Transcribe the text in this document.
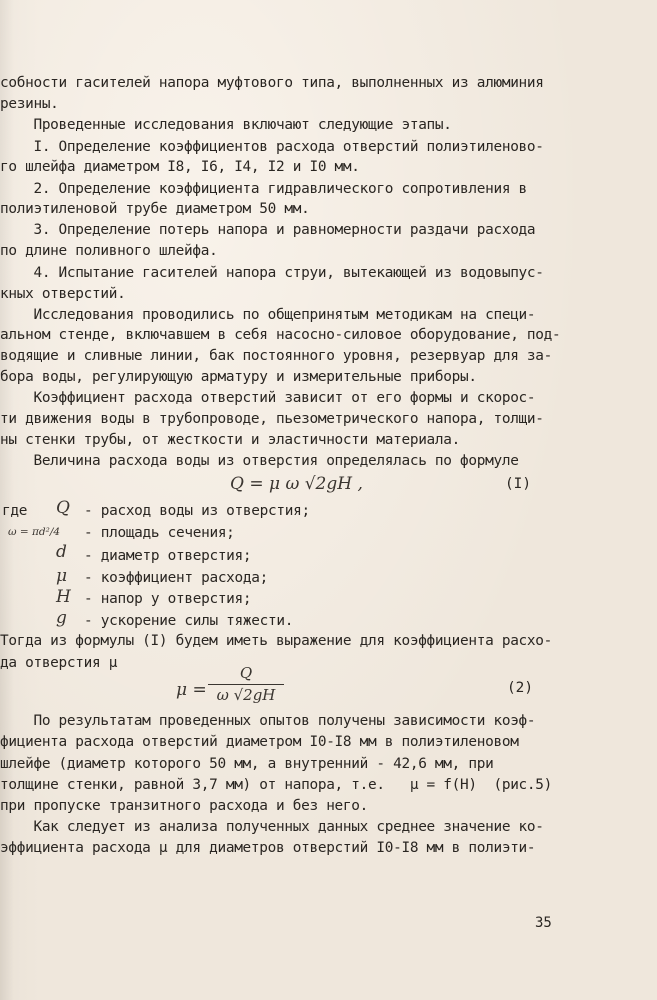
собности гасителей напора муфтового типа, выполненных из алюминия
резины.
Проведенные исследования включают следующие этапы.
I. Определение коэффициентов расхода отверстий полиэтиленово-
го шлейфа диаметром I8, I6, I4, I2 и I0 мм.
2. Определение коэффициента гидравлического сопротивления в
полиэтиленовой трубе диаметром 50 мм.
3. Определение потерь напора и равномерности раздачи расхода
по длине поливного шлейфа.
4. Испытание гасителей напора струи, вытекающей из водовыпус-
кных отверстий.
Исследования проводились по общепринятым методикам на специ-
альном стенде, включавшем в себя насосно-силовое оборудование, под-
водящие и сливные линии, бак постоянного уровня, резервуар для за-
бора воды, регулирующую арматуру и измерительные приборы.
Коэффициент расхода отверстий зависит от его формы и скорос-
ти движения воды в трубопроводе, пьезометрического напора, толщи-
ны стенки трубы, от жесткости и эластичности материала.
Величина расхода воды из отверстия определялась по формуле
Q = μ ω √2gH ,	(I)
где Q - расход воды из отверстия;
ω = πd²/4 - площадь сечения;
d - диаметр отверстия;
μ - коэффициент расхода;
H - напор у отверстия;
g - ускорение силы тяжести.
Тогда из формулы (I) будем иметь выражение для коэффициента расхо-
да отверстия μ
μ =
Q
ω √2gH	(2)
По результатам проведенных опытов получены зависимости коэф-
фициента расхода отверстий диаметром I0-I8 мм в полиэтиленовом
шлейфе (диаметр которого 50 мм, а внутренний - 42,6 мм, при
толщине стенки, равной 3,7 мм) от напора, т.е.   μ = f(H)  (рис.5)
при пропуске транзитного расхода и без него.
Как следует из анализа полученных данных среднее значение ко-
эффициента расхода μ для диаметров отверстий I0-I8 мм в полиэти-
35
